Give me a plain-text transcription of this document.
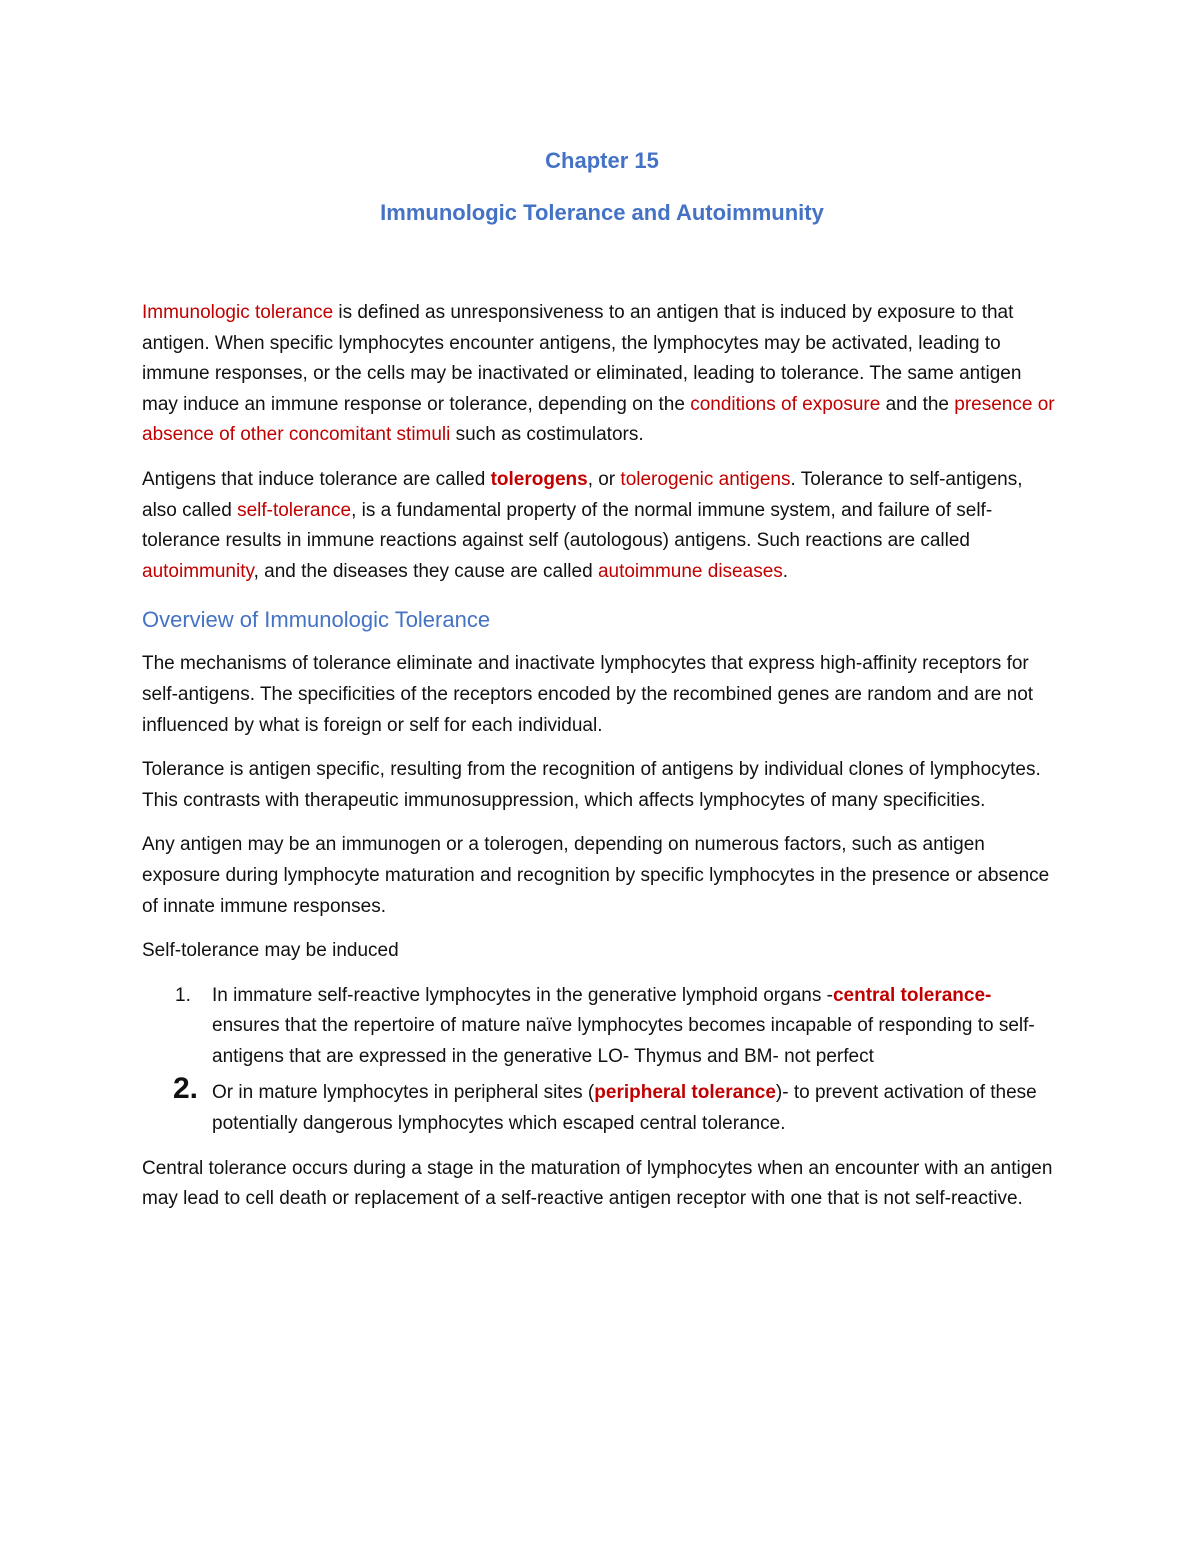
Chapter 15
Immunologic Tolerance and Autoimmunity

Immunologic tolerance is defined as unresponsiveness to an antigen that is induced by exposure to that antigen. When specific lymphocytes encounter antigens, the lymphocytes may be activated, leading to immune responses, or the cells may be inactivated or eliminated, leading to tolerance. The same antigen may induce an immune response or tolerance, depending on the conditions of exposure and the presence or absence of other concomitant stimuli such as costimulators.

Antigens that induce tolerance are called tolerogens, or tolerogenic antigens. Tolerance to self-antigens, also called self-tolerance, is a fundamental property of the normal immune system, and failure of self-tolerance results in immune reactions against self (autologous) antigens. Such reactions are called autoimmunity, and the diseases they cause are called autoimmune diseases.

Overview of Immunologic Tolerance

The mechanisms of tolerance eliminate and inactivate lymphocytes that express high-affinity receptors for self-antigens. The specificities of the receptors encoded by the recombined genes are random and are not influenced by what is foreign or self for each individual.

Tolerance is antigen specific, resulting from the recognition of antigens by individual clones of lymphocytes. This contrasts with therapeutic immunosuppression, which affects lymphocytes of many specificities.

Any antigen may be an immunogen or a tolerogen, depending on numerous factors, such as antigen exposure during lymphocyte maturation and recognition by specific lymphocytes in the presence or absence of innate immune responses.

Self-tolerance may be induced

1. In immature self-reactive lymphocytes in the generative lymphoid organs -central tolerance- ensures that the repertoire of mature naïve lymphocytes becomes incapable of responding to self-antigens that are expressed in the generative LO- Thymus and BM- not perfect
2. Or in mature lymphocytes in peripheral sites (peripheral tolerance)- to prevent activation of these potentially dangerous lymphocytes which escaped central tolerance.

Central tolerance occurs during a stage in the maturation of lymphocytes when an encounter with an antigen may lead to cell death or replacement of a self-reactive antigen receptor with one that is not self-reactive.
